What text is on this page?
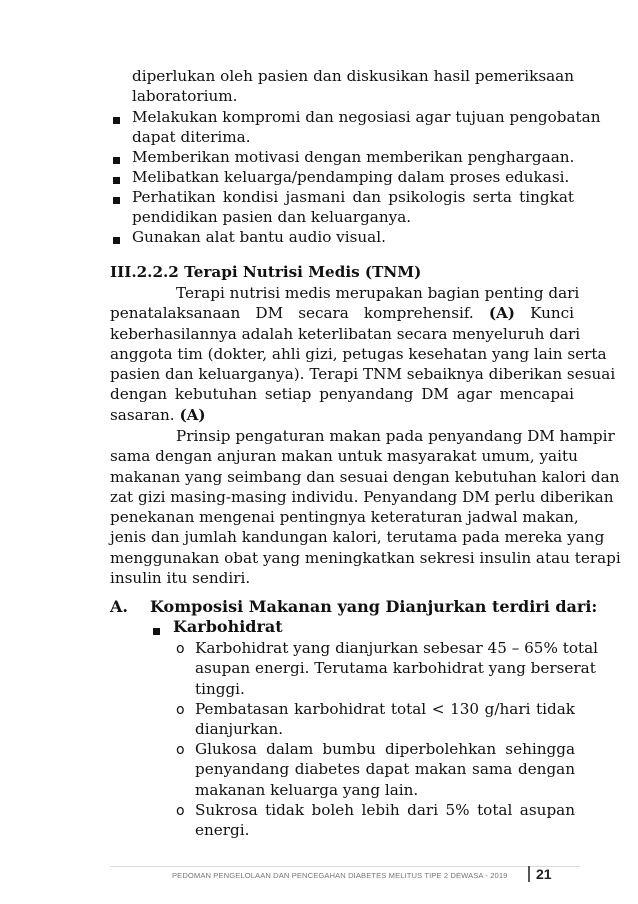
diperlukan oleh pasien dan diskusikan hasil pemeriksaan
laboratorium.
Melakukan kompromi dan negosiasi agar tujuan pengobatan
dapat diterima.
Memberikan motivasi dengan memberikan penghargaan.
Melibatkan keluarga/pendamping dalam proses edukasi.
Perhatikan kondisi jasmani dan psikologis serta tingkat
pendidikan pasien dan keluarganya.
Gunakan alat bantu audio visual.
III.2.2.2 Terapi Nutrisi Medis (TNM)
Terapi nutrisi medis merupakan bagian penting dari
penatalaksanaan DM secara komprehensif. (A) Kunci
keberhasilannya adalah keterlibatan secara menyeluruh dari
anggota tim (dokter, ahli gizi, petugas kesehatan yang lain serta
pasien dan keluarganya). Terapi TNM sebaiknya diberikan sesuai
dengan kebutuhan setiap penyandang DM agar mencapai
sasaran. (A)
Prinsip pengaturan makan pada penyandang DM hampir
sama dengan anjuran makan untuk masyarakat umum, yaitu
makanan yang seimbang dan sesuai dengan kebutuhan kalori dan
zat gizi masing-masing individu. Penyandang DM perlu diberikan
penekanan mengenai pentingnya keteraturan jadwal makan,
jenis dan jumlah kandungan kalori, terutama pada mereka yang
menggunakan obat yang meningkatkan sekresi insulin atau terapi
insulin itu sendiri.
A. Komposisi Makanan yang Dianjurkan terdiri dari:
Karbohidrat
o Karbohidrat yang dianjurkan sebesar 45 – 65% total
asupan energi. Terutama karbohidrat yang berserat
tinggi.
o Pembatasan karbohidrat total < 130 g/hari tidak
dianjurkan.
o Glukosa dalam bumbu diperbolehkan sehingga
penyandang diabetes dapat makan sama dengan
makanan keluarga yang lain.
o Sukrosa tidak boleh lebih dari 5% total asupan
energi.
PEDOMAN PENGELOLAAN DAN PENCEGAHAN DIABETES MELITUS TIPE 2 DEWASA - 2019 21
